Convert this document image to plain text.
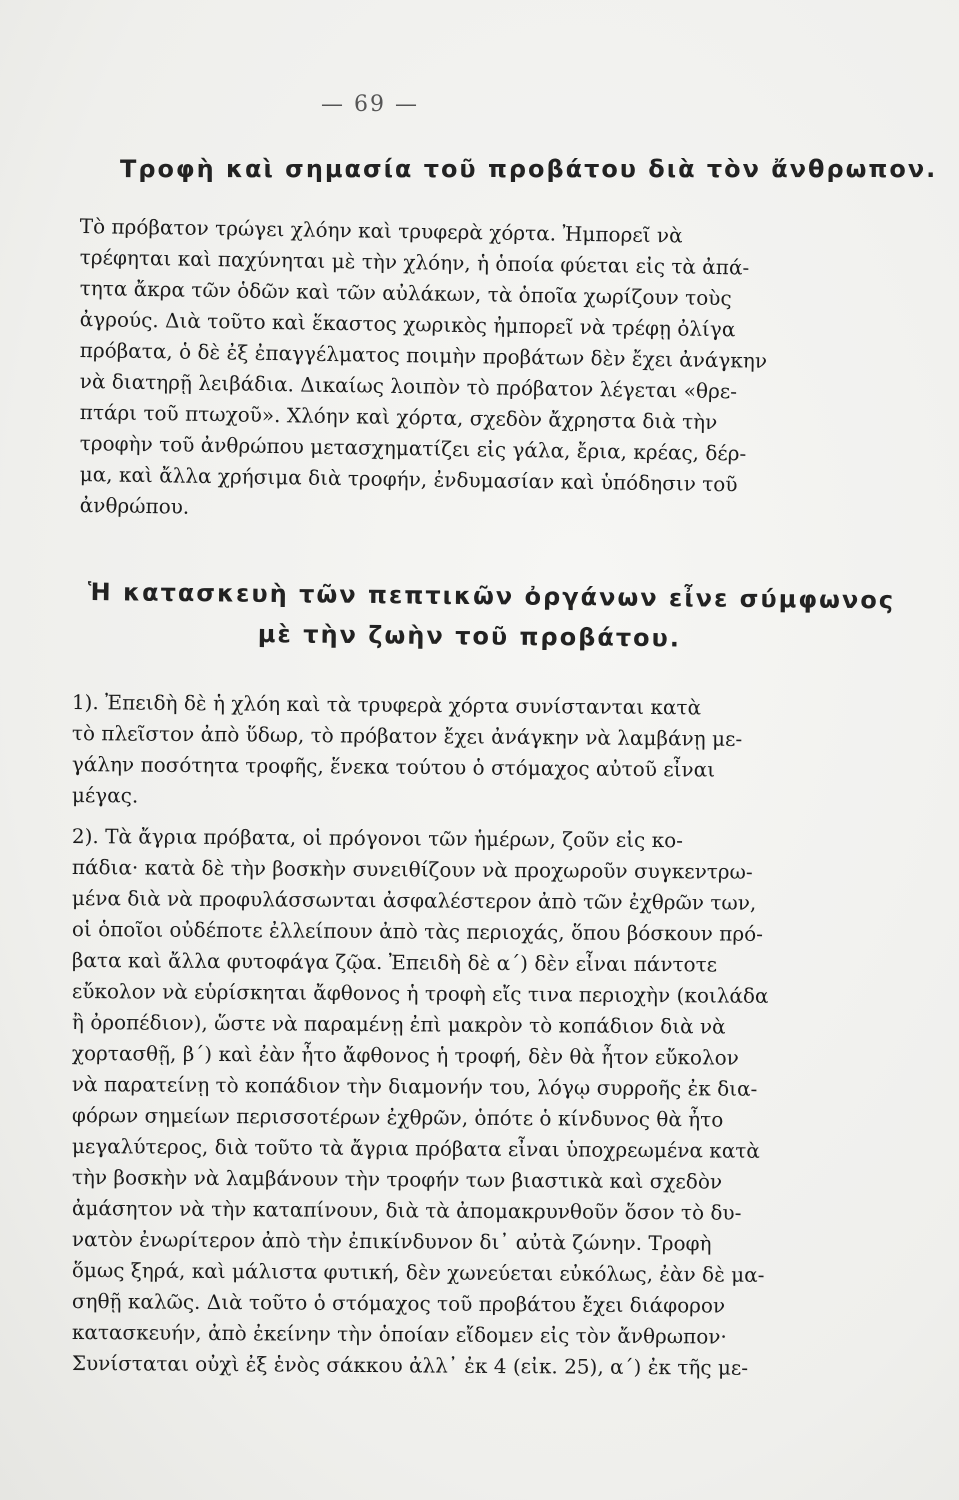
— 69 —
Τροφὴ καὶ σημασία τοῦ προβάτου διὰ τὸν ἄνθρωπον.
Τὸ πρόβατον τρώγει χλόην καὶ τρυφερὰ χόρτα. Ἠμπορεῖ νὰ
τρέφηται καὶ παχύνηται μὲ τὴν χλόην, ἡ ὁποία φύεται εἰς τὰ ἀπά-
τητα ἄκρα τῶν ὁδῶν καὶ τῶν αὐλάκων, τὰ ὁποῖα χωρίζουν τοὺς
ἀγρούς. Διὰ τοῦτο καὶ ἕκαστος χωρικὸς ἠμπορεῖ νὰ τρέφῃ ὀλίγα
πρόβατα, ὁ δὲ ἐξ ἐπαγγέλματος ποιμὴν προβάτων δὲν ἔχει ἀνάγκην
νὰ διατηρῇ λειβάδια. Δικαίως λοιπὸν τὸ πρόβατον λέγεται «θρε-
πτάρι τοῦ πτωχοῦ». Χλόην καὶ χόρτα, σχεδὸν ἄχρηστα διὰ τὴν
τροφὴν τοῦ ἀνθρώπου μετασχηματίζει εἰς γάλα, ἔρια, κρέας, δέρ-
μα, καὶ ἄλλα χρήσιμα διὰ τροφήν, ἐνδυμασίαν καὶ ὑπόδησιν τοῦ
ἀνθρώπου.
Ἡ κατασκευὴ τῶν πεπτικῶν ὀργάνων εἶνε σύμφωνος
μὲ τὴν ζωὴν τοῦ προβάτου.
1). Ἐπειδὴ δὲ ἡ χλόη καὶ τὰ τρυφερὰ χόρτα συνίστανται κατὰ
τὸ πλεῖστον ἀπὸ ὕδωρ, τὸ πρόβατον ἔχει ἀνάγκην νὰ λαμβάνῃ με-
γάλην ποσότητα τροφῆς, ἕνεκα τούτου ὁ στόμαχος αὐτοῦ εἶναι
μέγας.
2). Τὰ ἄγρια πρόβατα, οἱ πρόγονοι τῶν ἡμέρων, ζοῦν εἰς κο-
πάδια· κατὰ δὲ τὴν βοσκὴν συνειθίζουν νὰ προχωροῦν συγκεντρω-
μένα διὰ νὰ προφυλάσσωνται ἀσφαλέστερον ἀπὸ τῶν ἐχθρῶν των,
οἱ ὁποῖοι οὐδέποτε ἐλλείπουν ἀπὸ τὰς περιοχάς, ὅπου βόσκουν πρό-
βατα καὶ ἄλλα φυτοφάγα ζῷα. Ἐπειδὴ δὲ α΄) δὲν εἶναι πάντοτε
εὔκολον νὰ εὑρίσκηται ἄφθονος ἡ τροφὴ εἴς τινα περιοχὴν (κοιλάδα
ἢ ὀροπέδιον), ὥστε νὰ παραμένῃ ἐπὶ μακρὸν τὸ κοπάδιον διὰ νὰ
χορτασθῇ, β΄) καὶ ἐὰν ἦτο ἄφθονος ἡ τροφή, δὲν θὰ ἦτον εὔκολον
νὰ παρατείνῃ τὸ κοπάδιον τὴν διαμονήν του, λόγῳ συρροῆς ἐκ δια-
φόρων σημείων περισσοτέρων ἐχθρῶν, ὁπότε ὁ κίνδυνος θὰ ἦτο
μεγαλύτερος, διὰ τοῦτο τὰ ἄγρια πρόβατα εἶναι ὑποχρεωμένα κατὰ
τὴν βοσκὴν νὰ λαμβάνουν τὴν τροφήν των βιαστικὰ καὶ σχεδὸν
ἀμάσητον νὰ τὴν καταπίνουν, διὰ τὰ ἀπομακρυνθοῦν ὅσον τὸ δυ-
νατὸν ἐνωρίτερον ἀπὸ τὴν ἐπικίνδυνον δι᾽ αὐτὰ ζώνην. Τροφὴ
ὅμως ξηρά, καὶ μάλιστα φυτική, δὲν χωνεύεται εὐκόλως, ἐὰν δὲ μα-
σηθῇ καλῶς. Διὰ τοῦτο ὁ στόμαχος τοῦ προβάτου ἔχει διάφορον
κατασκευήν, ἀπὸ ἐκείνην τὴν ὁποίαν εἴδομεν εἰς τὸν ἄνθρωπον·
Συνίσταται οὐχὶ ἐξ ἑνὸς σάκκου ἀλλ᾽ ἐκ 4 (εἰκ. 25), α΄) ἐκ τῆς με-
